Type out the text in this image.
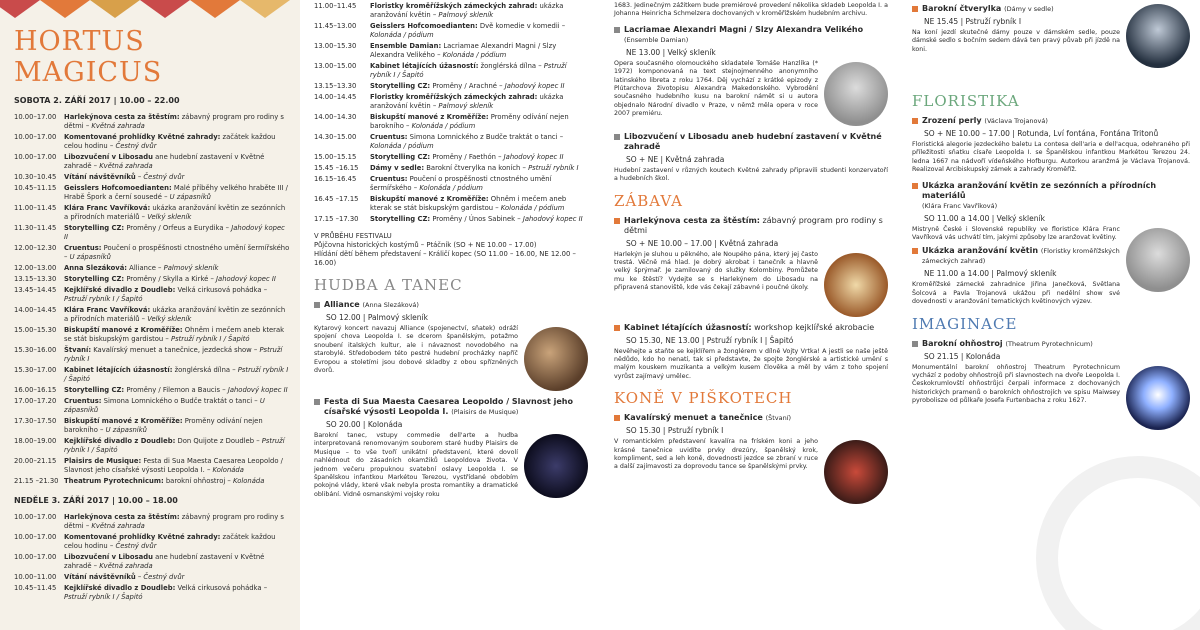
HORTUS MAGICUS
SOBOTA 2. ZÁŘÍ 2017 | 10.00 – 22.00
10.00–17.00	Harlekýnova cesta za štěstím: zábavný program pro rodiny s dětmi – Květná zahrada
10.00–17.00	Komentované prohlídky Květné zahrady: začátek každou celou hodinu – Čestný dvůr
10.00–17.00	Libozvučení v Libosadu ane hudební zastavení v Květné zahradě – Květná zahrada
10.30–10.45	Vítání návštěvníků – Čestný dvůr
10.45–11.15	Geisslers Hofcomoedianten: Malé příběhy velkého hraběte III / Hrabě Špork a černí sousedé – U zápasníků
11.00–11.45	Klára Franc Vavříková: ukázka aranžování květin ze sezónních a přírodních materiálů – Velký skleník
11.30–11.45	Storytelling CZ: Proměny / Orfeus a Eurydika – Jahodový kopec II
12.00–12.30	Cruentus: Poučení o prospěšnosti ctnostného umění šermířského – U zápasníků
12.00–13.00	Anna Slezáková: Alliance – Palmový skleník
13.15–13.30	Storytelling CZ: Proměny / Skylla a Kirké – Jahodový kopec II
13.45–14.45	Kejklířské divadlo z Doudleb: Velká cirkusová pohádka – Pstruží rybník I / Šapitó
14.00–14.45	Klára Franc Vavříková: ukázka aranžování květin ze sezónních a přírodních materiálů – Velký skleník
15.00–15.30	Biskupští manové z Kroměříže: Ohněm i mečem aneb kterak se stát biskupským gardistou – Pstruží rybník I / Šapitó
15.30–16.00	Štvaní: Kavalírský menuet a tanečnice, jezdecká show – Pstruží rybník I
15.30–17.00	Kabinet létajících úžasností: žonglérská dílna – Pstruží rybník I / Šapitó
16.00–16.15	Storytelling CZ: Proměny / Filemon a Baucis – Jahodový kopec II
17.00–17.20	Cruentus: Simona Lomnického o Budče traktát o tanci – U zápasníků
17.30–17.50	Biskupští manové z Kroměříže: Proměny odívání nejen barokního – U zápasníků
18.00–19.00	Kejklířské divadlo z Doudleb: Don Quijote z Doudleb – Pstruží rybník I / Šapitó
20.00–21.15	Plaisirs de Musique: Festa di Sua Maesta Caesarea Leopoldo / Slavnost jeho císařské výsosti Leopolda I. – Kolonáda
21.15 –21.30 Theatrum Pyrotechnicum: barokní ohňostroj – Kolonáda
NEDĚLE 3. ZÁŘÍ 2017 | 10.00 – 18.00
10.00–17.00	Harlekýnova cesta za štěstím: zábavný program pro rodiny s dětmi – Květná zahrada
10.00–17.00	Komentované prohlídky Květné zahrady: začátek každou celou hodinu – Čestný dvůr
10.00–17.00	Libozvučení v Libosadu ane hudební zastavení v Květné zahradě – Květná zahrada
10.00–11.00	Vítání návštěvníků – Čestný dvůr
10.45–11.45	Kejklířské divadlo z Doudleb: Velká cirkusová pohádka – Pstruží rybník I / Šapitó
11.00–11.45	Floristky kroměřížských zámeckých zahrad: ukázka aranžování květin – Palmový skleník
11.45–13.00	Geisslers Hofcomoedianten: Dvě komedie v komedii – Kolonáda / pódium
13.00–15.30	Ensemble Damian: Lacriamae Alexandri Magni / Slzy Alexandra Velikého – Kolonáda / pódium
13.00–15.00	Kabinet létajících úžasností: žonglérská dílna – Pstruží rybník I / Šapitó
13.15–13.30	Storytelling CZ: Proměny / Arachné – Jahodový kopec II
14.00–14.45	Floristky kroměřížských zámeckých zahrad: ukázka aranžování květin – Palmový skleník
14.00–14.30	Biskupští manové z Kroměříže: Proměny odívání nejen barokního – Kolonáda / pódium
14.30–15.00	Cruentus: Simona Lomnického z Budče traktát o tanci – Kolonáda / pódium
15.00–15.15	Storytelling CZ: Proměny / Faethón – Jahodový kopec II
15.45 –16.15	Dámy v sedle: Barokní čtverylka na koních – Pstruží rybník I
16.15–16.45	Cruentus: Poučení o prospěšnosti ctnostného umění šermířského – Kolonáda / pódium
16.45 –17.15	Biskupští manové z Kroměříže: Ohněm i mečem aneb kterak se stát biskupským gardistou – Kolonáda / pódium
17.15 –17.30	Storytelling CZ: Proměny / Únos Sabinek – Jahodový kopec II
V PRŮBĚHU FESTIVALU
Půjčovna historických kostýmů – Ptáčník (SO + NE 10.00 – 17.00)
Hlídání dětí během představení – Králičí kopec (SO 11.00 – 16.00, NE 12.00 – 16.00)
HUDBA A TANEC
Alliance (Anna Slezáková)
SO 12.00 | Palmový skleník
Kytarový koncert navazuj Alliance (spojenectví, sňatek) odráží spojení chova Leopolda I. se dcerom španělským, potažmo snoubení italských kultur, ale i návaznost novodobého na starobylé. Středobodem této pestré hudební procházky napříč Evropou a stoletími jsou dobové skladby z obou spřízněných dvorů.
Festa di Sua Maesta Caesarea Leopoldo / Slavnost jeho císařské výsosti Leopolda I. (Plaisirs de Musique)
SO 20.00 | Kolonáda
Barokní tanec, vstupy commedie dell'arte a hudba interpretovaná renomovaným souborem staré hudby Plaisirs de Musique – to vše tvoří unikátní představení, které dovolí nahlédnout do zásadních okamžiků Leopoldova života. V jednom večeru propuknou svatební oslavy Leopolda I. se španělskou infantkou Markétou Terezou, vystřídané obdobím pokojné vlády, které však nebyla prosta romantiky a dramatické oblibání. Vidně osmanskými vojsky roku
1683. Jedinečným zážitkem bude premiérové provedení několika skladeb Leopolda I. a Johanna Heinricha Schmelzera dochovaných v kroměřížském hudebním archivu.
Lacriamae Alexandri Magni / Slzy Alexandra Velikého
(Ensemble Damian)
NE 13.00 | Velký skleník
Opera současného olomouckého skladatele Tomáše Hanzlíka (* 1972) komponovaná na text stejnojmenného anonymního latinského libreta z roku 1764. Děj vychází z krátké epizody z Plútarchova životopisu Alexandra Makedonského. Vybrodění současného hudebního kusu na barokní námět si u autora objednalo Národní divadlo v Praze, v němž měla opera v roce 2007 premiéru.
Libozvučení v Libosadu aneb hudební zastavení v Květné zahradě
SO + NE | Květná zahrada
Hudební zastavení v různých koutech Květné zahrady připravili studenti konzervatoří a hudebních škol.
ZÁBAVA
Harlekýnova cesta za štěstím: zábavný program pro rodiny s dětmi
SO + NE 10.00 – 17.00 | Květná zahrada
Harlekýn je sluhou u pěkného, ale Noupého pána, který jej často trestá. Věčně má hlad. Je dobrý akrobat i tanečník a hlavně velký šprýmař. Je zamilovaný do služky Kolombiny. Pomůžete mu ke štěstí? Vydejte se s Harlekýnem do Libosadu na připravená stanoviště, kde vás čekají zábavné i poučné úkoly.
Kabinet létajících úžasností: workshop kejklířské akrobacie
SO 15.30, NE 13.00 | Pstruží rybník I | Šapitó
Nevěhejte a staňte se kejklířem a žonglérem v dílně Vojty Vrtka! A jestli se naše ještě nědůdo, kdo ho nenatí, tak si představte, že spojte žonglérské a artistické umění s malým kouskem muzikanta a velkým kusem člověka a měl by vám z toho spojení vyrůst zajímavý umělec.
KONĚ V PIŠKOTECH
Kavalírský menuet a tanečnice (Štvaní)
SO 15.30 | Pstruží rybník I
V romantickém představení kavalíra na fríském koni a jeho krásné tanečnice uvidíte prvky drezúry, španělský krok, kompliment, sed a leh koně, dovednosti jezdce se zbraní v ruce a další zajímavosti za doprovodu tance se španělskými prvky.
Barokní čtverylka (Dámy v sedle)
NE 15.45 | Pstruží rybník I
Na koní jezdí skutečné dámy pouze v dámském sedle, pouze dámské sedlo s bočním sedem dává ten pravý půvab při jízdě na koni.
FLORISTIKA
Zrození perly (Václava Trojanová)
SO + NE 10.00 – 17.00 | Rotunda, Lví fontána, Fontána Tritonů
Floristická alegorie jezdeckého baletu La contesa dell'aria e dell'acqua, odehraného při příležitosti sňatku císaře Leopolda I. se Španělskou infantkou Markétou Terezou 24. ledna 1667 na nádvoří vídeňského Hofburgu. Autorkou aranžmá je Václava Trojanová. Realizoval Arcibiskupský zámek a zahrady Kroměříž.
Ukázka aranžování květin ze sezónních a přírodních materiálů
(Klára Franc Vavříková)
SO 11.00 a 14.00 | Velký skleník
Mistryně České i Slovenské republiky ve floristice Klára Franc Vavříková vás uchvátí tím, jakými způsoby lze aranžovat květiny.
Ukázka aranžování květin (Floristky kroměřížských zámeckých zahrad)
NE 11.00 a 14.00 | Palmový skleník
Kroměřížské zámecké zahradnice Jiřina Janečková, Světlana Šolcová a Pavla Trojanová ukážou při nedělní show své dovednosti v aranžování tematických květinových výzev.
IMAGINACE
Barokní ohňostroj (Theatrum Pyrotechnicum)
SO 21.15 | Kolonáda
Monumentální barokní ohňostroj Theatrum Pyrotechnicum vychází z podoby ohňostrojů při slavnostech na dvoře Leopolda I. Českokrumlovští ohňostrůjci čerpali informace z dochovaných historických pramenů o barokních ohňostrojích ve spisu Maiwsey pyrobolisze od půlkaře Josefa Furtenbacha z roku 1627.
